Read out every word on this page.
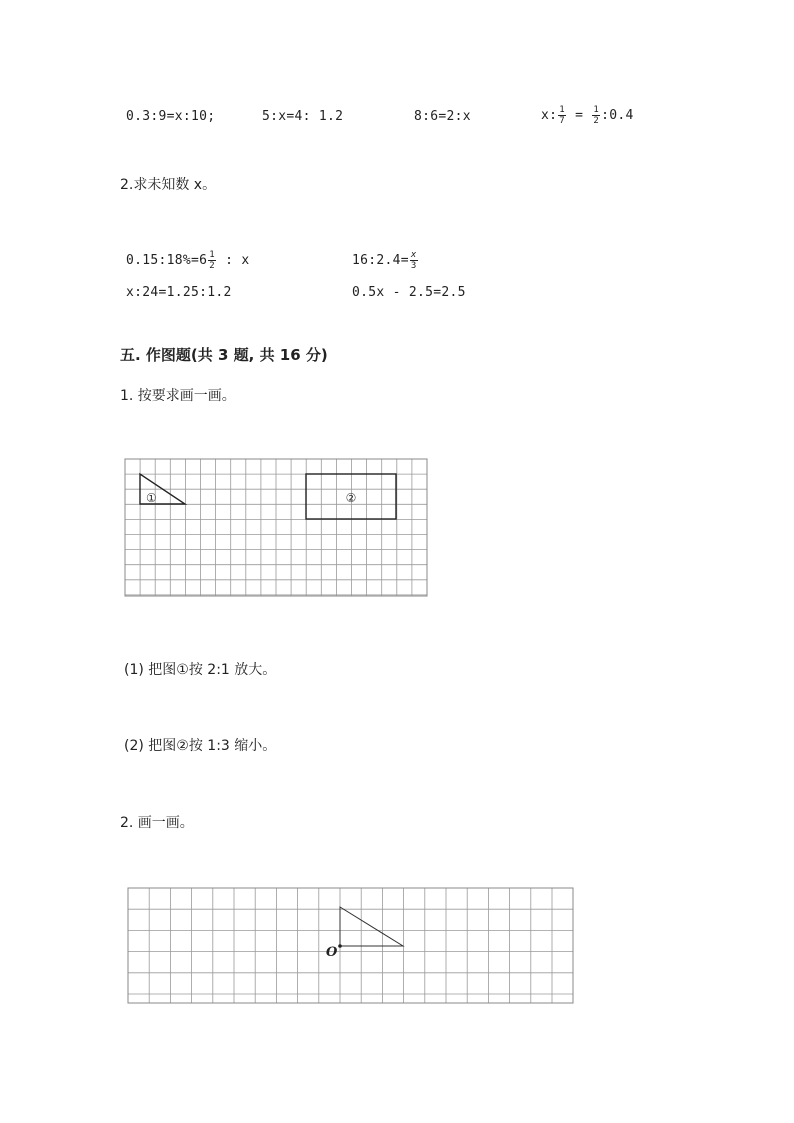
0.3:9=x:10;	5:x=4: 1.2	8:6=2:x	x: $\frac{1}{7} = \frac{1}{2}$ :0.4
2.求未知数 x。
0.15:18%=6 $\frac{1}{2}$ : x	16:2.4= $\frac{x}{3}$
x:24=1.25:1.2	0.5x - 2.5=2.5
五. 作图题(共 3 题, 共 16 分)
1. 按要求画一画。
①	②
(1) 把图①按 2:1 放大。
(2) 把图②按 1:3 缩小。
2. 画一画。
O
